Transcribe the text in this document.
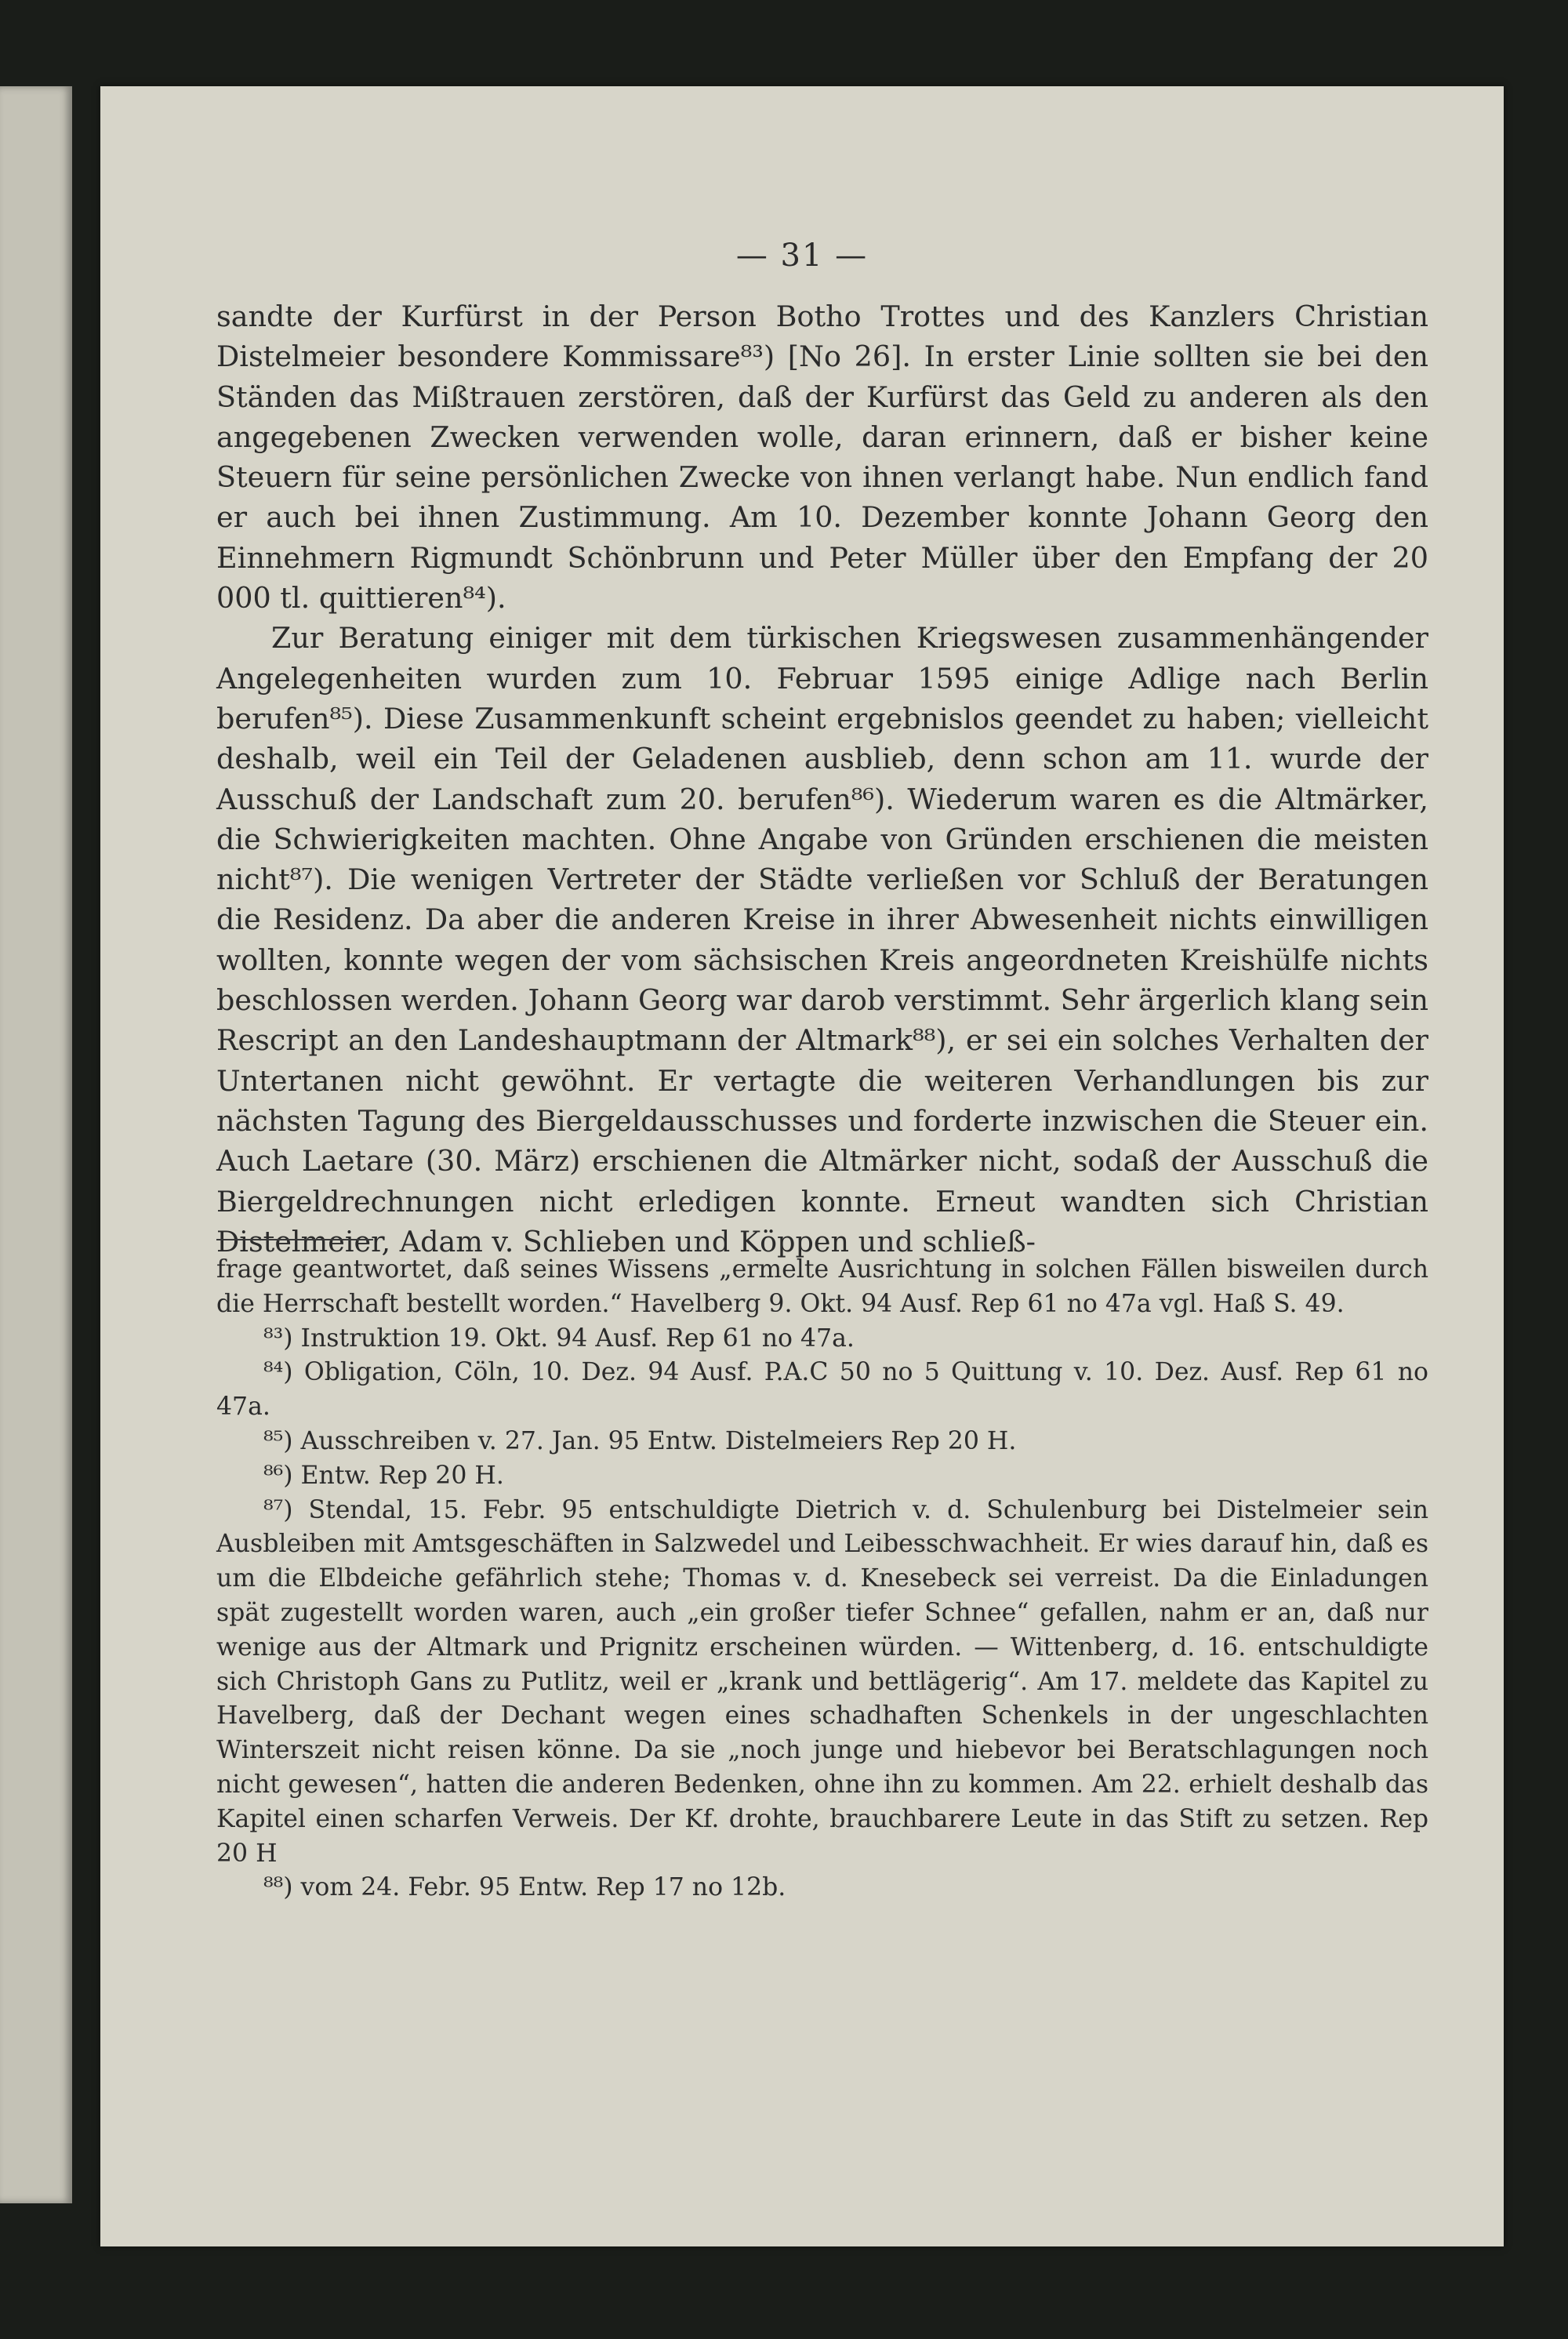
— 31 —

sandte der Kurfürst in der Person Botho Trottes und des Kanzlers Christian Distelmeier besondere Kommissare⁸³) [No 26]. In erster Linie sollten sie bei den Ständen das Mißtrauen zerstören, daß der Kurfürst das Geld zu anderen als den angegebenen Zwecken verwenden wolle, daran erinnern, daß er bisher keine Steuern für seine persönlichen Zwecke von ihnen verlangt habe. Nun endlich fand er auch bei ihnen Zustimmung. Am 10. Dezember konnte Johann Georg den Einnehmern Rigmundt Schönbrunn und Peter Müller über den Empfang der 20 000 tl. quittieren⁸⁴).

Zur Beratung einiger mit dem türkischen Kriegswesen zusammenhängender Angelegenheiten wurden zum 10. Februar 1595 einige Adlige nach Berlin berufen⁸⁵). Diese Zusammenkunft scheint ergebnislos geendet zu haben; vielleicht deshalb, weil ein Teil der Geladenen ausblieb, denn schon am 11. wurde der Ausschuß der Landschaft zum 20. berufen⁸⁶). Wiederum waren es die Altmärker, die Schwierigkeiten machten. Ohne Angabe von Gründen erschienen die meisten nicht⁸⁷). Die wenigen Vertreter der Städte verließen vor Schluß der Beratungen die Residenz. Da aber die anderen Kreise in ihrer Abwesenheit nichts einwilligen wollten, konnte wegen der vom sächsischen Kreis angeordneten Kreishülfe nichts beschlossen werden. Johann Georg war darob verstimmt. Sehr ärgerlich klang sein Rescript an den Landeshauptmann der Altmark⁸⁸), er sei ein solches Verhalten der Untertanen nicht gewöhnt. Er vertagte die weiteren Verhandlungen bis zur nächsten Tagung des Biergeldausschusses und forderte inzwischen die Steuer ein. Auch Laetare (30. März) erschienen die Altmärker nicht, sodaß der Ausschuß die Biergeldrechnungen nicht erledigen konnte. Erneut wandten sich Christian Distelmeier, Adam v. Schlieben und Köppen und schließ-

frage geantwortet, daß seines Wissens „ermelte Ausrichtung in solchen Fällen bisweilen durch die Herrschaft bestellt worden.“ Havelberg 9. Okt. 94 Ausf. Rep 61 no 47a vgl. Haß S. 49.

⁸³) Instruktion 19. Okt. 94 Ausf. Rep 61 no 47a.

⁸⁴) Obligation, Cöln, 10. Dez. 94 Ausf. P.A.C 50 no 5 Quittung v. 10. Dez. Ausf. Rep 61 no 47a.

⁸⁵) Ausschreiben v. 27. Jan. 95 Entw. Distelmeiers Rep 20 H.

⁸⁶) Entw. Rep 20 H.

⁸⁷) Stendal, 15. Febr. 95 entschuldigte Dietrich v. d. Schulenburg bei Distelmeier sein Ausbleiben mit Amtsgeschäften in Salzwedel und Leibesschwachheit. Er wies darauf hin, daß es um die Elbdeiche gefährlich stehe; Thomas v. d. Knesebeck sei verreist. Da die Einladungen spät zugestellt worden waren, auch „ein großer tiefer Schnee“ gefallen, nahm er an, daß nur wenige aus der Altmark und Prignitz erscheinen würden. — Wittenberg, d. 16. entschuldigte sich Christoph Gans zu Putlitz, weil er „krank und bettlägerig“. Am 17. meldete das Kapitel zu Havelberg, daß der Dechant wegen eines schadhaften Schenkels in der ungeschlachten Winterszeit nicht reisen könne. Da sie „noch junge und hiebevor bei Beratschlagungen noch nicht gewesen“, hatten die anderen Bedenken, ohne ihn zu kommen. Am 22. erhielt deshalb das Kapitel einen scharfen Verweis. Der Kf. drohte, brauchbarere Leute in das Stift zu setzen. Rep 20 H

⁸⁸) vom 24. Febr. 95 Entw. Rep 17 no 12b.
